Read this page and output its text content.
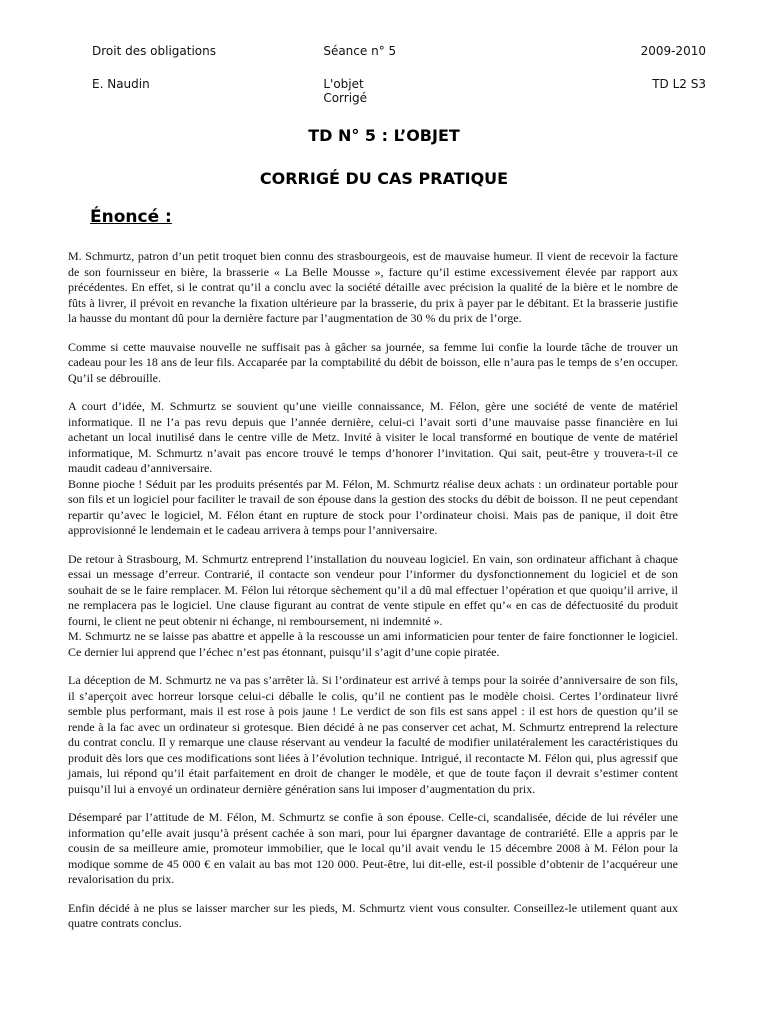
Droit des obligations	Séance n° 5	2009-2010
E. Naudin	L'objet
Corrigé
TD L2 S3
TD N° 5 : L’OBJET
CORRIGÉ DU CAS PRATIQUE
Énoncé :

M. Schmurtz, patron d’un petit troquet bien connu des strasbourgeois, est de mauvaise humeur. Il vient de recevoir la facture de son fournisseur en bière, la brasserie « La Belle Mousse », facture qu’il estime excessivement élevée par rapport aux précédentes. En effet, si le contrat qu’il a conclu avec la société détaille avec précision la qualité de la bière et le nombre de fûts à livrer, il prévoit en revanche la fixation ultérieure par la brasserie, du prix à payer par le débitant. Et la brasserie justifie la hausse du montant dû pour la dernière facture par l’augmentation de 30 % du prix de l’orge.

Comme si cette mauvaise nouvelle ne suffisait pas à gâcher sa journée, sa femme lui confie la lourde tâche de trouver un cadeau pour les 18 ans de leur fils. Accaparée par la comptabilité du débit de boisson, elle n’aura pas le temps de s’en occuper. Qu’il se débrouille.

A court d’idée, M. Schmurtz se souvient qu’une vieille connaissance, M. Félon, gère une société de vente de matériel informatique. Il ne l’a pas revu depuis que l’année dernière, celui-ci l’avait sorti d’une mauvaise passe financière en lui achetant un local inutilisé dans le centre ville de Metz. Invité à visiter le local transformé en boutique de vente de matériel informatique, M. Schmurtz n’avait pas encore trouvé le temps d’honorer l’invitation. Qui sait, peut-être y trouvera-t-il ce maudit cadeau d’anniversaire.

Bonne pioche ! Séduit par les produits présentés par M. Félon, M. Schmurtz réalise deux achats : un ordinateur portable pour son fils et un logiciel pour faciliter le travail de son épouse dans la gestion des stocks du débit de boisson. Il ne peut cependant repartir qu’avec le logiciel, M. Félon étant en rupture de stock pour l’ordinateur choisi. Mais pas de panique, il doit être approvisionné le lendemain et le cadeau arrivera à temps pour l’anniversaire.

De retour à Strasbourg, M. Schmurtz entreprend l’installation du nouveau logiciel. En vain, son ordinateur affichant à chaque essai un message d’erreur. Contrarié, il contacte son vendeur pour l’informer du dysfonctionnement du logiciel et de son souhait de se le faire remplacer. M. Félon lui rétorque sèchement qu’il a dû mal effectuer l’opération et que quoiqu’il arrive, il ne remplacera pas le logiciel. Une clause figurant au contrat de vente stipule en effet qu’« en cas de défectuosité du produit fourni, le client ne peut obtenir ni échange, ni remboursement, ni indemnité ».

M. Schmurtz ne se laisse pas abattre et appelle à la rescousse un ami informaticien pour tenter de faire fonctionner le logiciel. Ce dernier lui apprend que l’échec n’est pas étonnant, puisqu’il s’agit d’une copie piratée.

La déception de M. Schmurtz ne va pas s’arrêter là. Si l’ordinateur est arrivé à temps pour la soirée d’anniversaire de son fils, il s’aperçoit avec horreur lorsque celui-ci déballe le colis, qu’il ne contient pas le modèle choisi. Certes l’ordinateur livré semble plus performant, mais il est rose à pois jaune ! Le verdict de son fils est sans appel : il est hors de question qu’il se rende à la fac avec un ordinateur si grotesque. Bien décidé à ne pas conserver cet achat, M. Schmurtz entreprend la relecture du contrat conclu. Il y remarque une clause réservant au vendeur la faculté de modifier unilatéralement les caractéristiques du produit dès lors que ces modifications sont liées à l’évolution technique. Intrigué, il recontacte M. Félon qui, plus agressif que jamais, lui répond qu’il était parfaitement en droit de changer le modèle, et que de toute façon il devrait s’estimer content puisqu’il lui a envoyé un ordinateur dernière génération sans lui imposer d’augmentation du prix.

Désemparé par l’attitude de M. Félon, M. Schmurtz se confie à son épouse. Celle-ci, scandalisée, décide de lui révéler une information qu’elle avait jusqu’à présent cachée à son mari, pour lui épargner davantage de contrariété. Elle a appris par le cousin de sa meilleure amie, promoteur immobilier, que le local qu’il avait vendu le 15 décembre 2008 à M. Félon pour la modique somme de 45 000 € en valait au bas mot 120 000. Peut-être, lui dit-elle, est-il possible d’obtenir de l’acquéreur une revalorisation du prix.

Enfin décidé à ne plus se laisser marcher sur les pieds, M. Schmurtz vient vous consulter. Conseillez-le utilement quant aux quatre contrats conclus.
